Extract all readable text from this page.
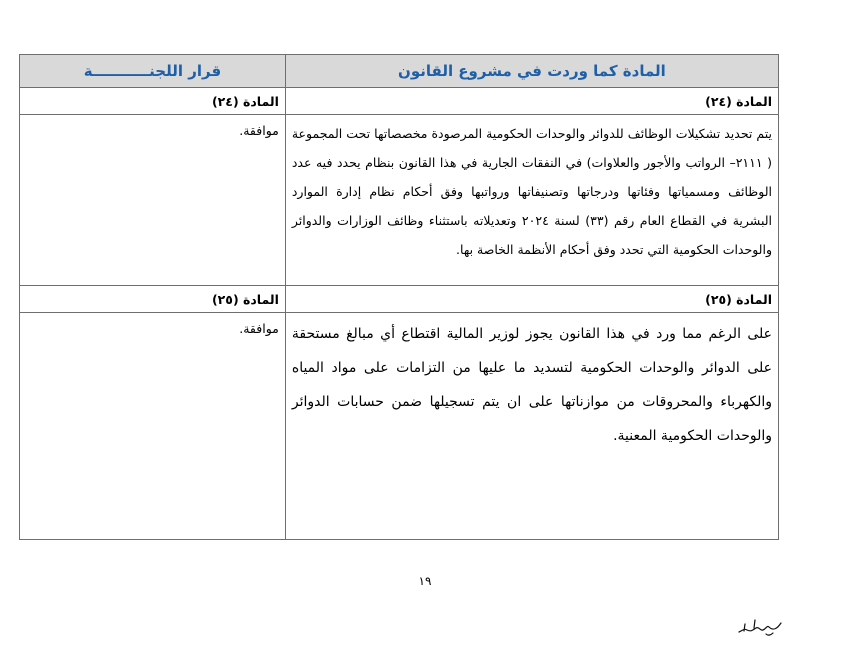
المادة كما وردت في مشروع القانون	قرار اللجنـــــــــــة
المادة (٢٤)	المادة (٢٤)

يتم تحديد تشكيلات الوظائف للدوائر والوحدات الحكومية المرصودة مخصصاتها تحت المجموعة ( ٢١١١– الرواتب والأجور والعلاوات) في النفقات الجارية في هذا القانون بنظام يحدد فيه عدد الوظائف ومسمياتها وفئاتها ودرجاتها وتصنيفاتها ورواتبها وفق أحكام نظام إدارة الموارد البشرية في القطاع العام رقم (٣٣) لسنة ٢٠٢٤ وتعديلاته باستثناء وظائف الوزارات والدوائر والوحدات الحكومية التي تحدد وفق أحكام الأنظمة الخاصة بها.	موافقة.

المادة (٢٥)	المادة (٢٥)

على الرغم مما ورد في هذا القانون يجوز لوزير المالية اقتطاع أي مبالغ مستحقة على الدوائر والوحدات الحكومية لتسديد ما عليها من التزامات على مواد المياه والكهرباء والمحروقات من موازناتها على ان يتم تسجيلها ضمن حسابات الدوائر والوحدات الحكومية المعنية.	موافقة.

١٩
